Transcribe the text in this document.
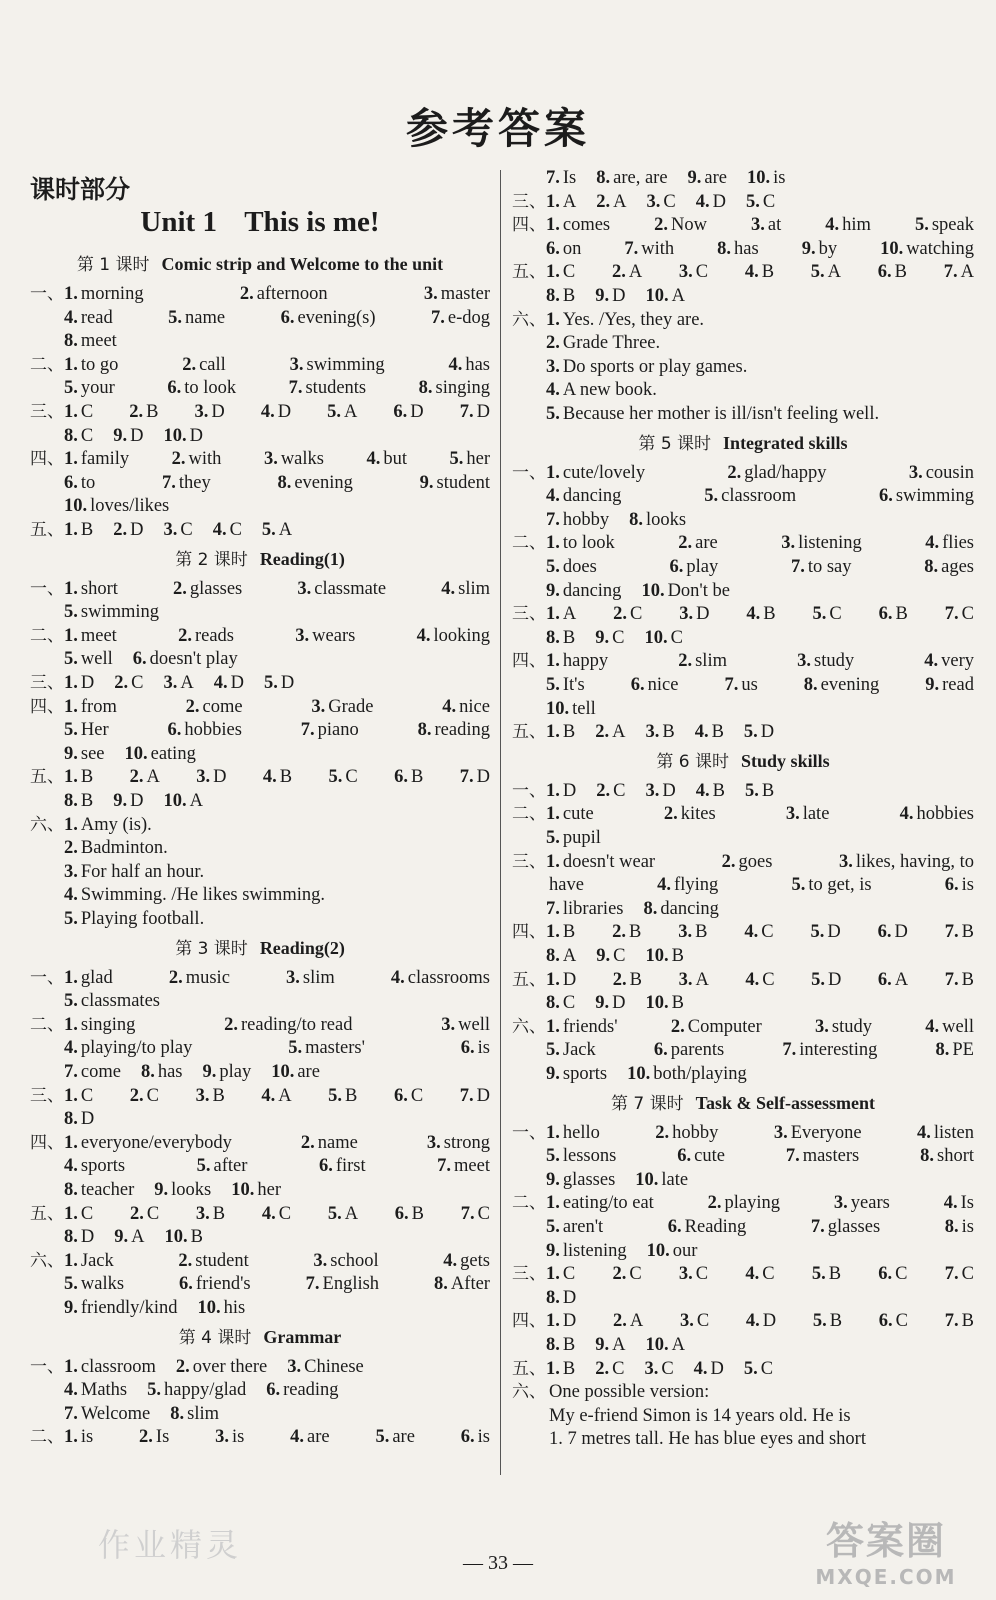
参考答案
课时部分
Unit 1 This is me!
第 1 课时 Comic strip and Welcome to the unit
一、 1. morning	2. afternoon	3. master
4. read	5. name	6. evening(s)	7. e-dog
8. meet
二、 1. to go	2. call	3. swimming	4. has
5. your	6. to look	7. students	8. singing
三、 1. C 2. B 3. D 4. D 5. A 6. D 7. D
8. C 9. D 10. D
四、 1. family 2. with 3. walks 4. but 5. her
6. to	7. they	8. evening	9. student
10. loves/likes
五、 1. B 2. D 3. C 4. C 5. A
第 2 课时 Reading(1)
一、 1. short	2. glasses	3. classmate	4. slim
5. swimming
二、 1. meet	2. reads	3. wears	4. looking
5. well 6. doesn't play
三、 1. D 2. C 3. A 4. D 5. D
四、 1. from	2. come	3. Grade	4. nice
5. Her	6. hobbies	7. piano	8. reading
9. see 10. eating
五、 1. B 2. A 3. D 4. B 5. C 6. B 7. D
8. B 9. D 10. A
六、 1. Amy (is).
2. Badminton.
3. For half an hour.
4. Swimming. /He likes swimming.
5. Playing football.
第 3 课时 Reading(2)
一、 1. glad	2. music	3. slim	4. classrooms
5. classmates
二、 1. singing	2. reading/to read	3. well
4. playing/to play	5. masters'	6. is
7. come 8. has 9. play 10. are
三、 1. C 2. C 3. B 4. A 5. B 6. C 7. D
8. D
四、 1. everyone/everybody	2. name	3. strong
4. sports	5. after	6. first	7. meet
8. teacher 9. looks 10. her
五、 1. C 2. C 3. B 4. C 5. A 6. B 7. C
8. D 9. A 10. B
六、 1. Jack	2. student	3. school	4. gets
5. walks	6. friend's	7. English	8. After
9. friendly/kind 10. his
第 4 课时 Grammar
一、 1. classroom 2. over there 3. Chinese
4. Maths 5. happy/glad 6. reading
7. Welcome 8. slim
二、 1. is 2. Is 3. is 4. are 5. are 6. is
7. Is 8. are, are 9. are 10. is
三、 1. A 2. A 3. C 4. D 5. C
四、 1. comes 2. Now 3. at 4. him 5. speak
6. on 7. with 8. has 9. by 10. watching
五、 1. C 2. A 3. C 4. B 5. A 6. B 7. A
8. B 9. D 10. A
六、 1. Yes. /Yes, they are.
2. Grade Three.
3. Do sports or play games.
4. A new book.
5. Because her mother is ill/isn't feeling well.
第 5 课时 Integrated skills
一、 1. cute/lovely	2. glad/happy	3. cousin
4. dancing	5. classroom	6. swimming
7. hobby 8. looks
二、 1. to look	2. are	3. listening	4. flies
5. does	6. play	7. to say	8. ages
9. dancing 10. Don't be
三、 1. A 2. C 3. D 4. B 5. C 6. B 7. C
8. B 9. C 10. C
四、 1. happy	2. slim	3. study	4. very
5. It's 6. nice 7. us 8. evening 9. read
10. tell
五、 1. B 2. A 3. B 4. B 5. D
第 6 课时 Study skills
一、 1. D 2. C 3. D 4. B 5. B
二、 1. cute	2. kites	3. late	4. hobbies
5. pupil
三、 1. doesn't wear	2. goes	3. likes, having, to
have	4. flying	5. to get, is	6. is
7. libraries 8. dancing
四、 1. B 2. B 3. B 4. C 5. D 6. D 7. B
8. A 9. C 10. B
五、 1. D 2. B 3. A 4. C 5. D 6. A 7. B
8. C 9. D 10. B
六、 1. friends'	2. Computer	3. study	4. well
5. Jack	6. parents	7. interesting	8. PE
9. sports 10. both/playing
第 7 课时 Task & Self-assessment
一、 1. hello	2. hobby	3. Everyone	4. listen
5. lessons	6. cute	7. masters	8. short
9. glasses 10. late
二、 1. eating/to eat	2. playing	3. years	4. Is
5. aren't	6. Reading	7. glasses	8. is
9. listening 10. our
三、 1. C 2. C 3. C 4. C 5. B 6. C 7. C
8. D
四、 1. D 2. A 3. C 4. D 5. B 6. C 7. B
8. B 9. A 10. A
五、 1. B 2. C 3. C 4. D 5. C
六、 One possible version:
My e-friend Simon is 14 years old. He is
1. 7 metres tall. He has blue eyes and short
作业精灵	答案圈
MXQE.COM
— 33 —
